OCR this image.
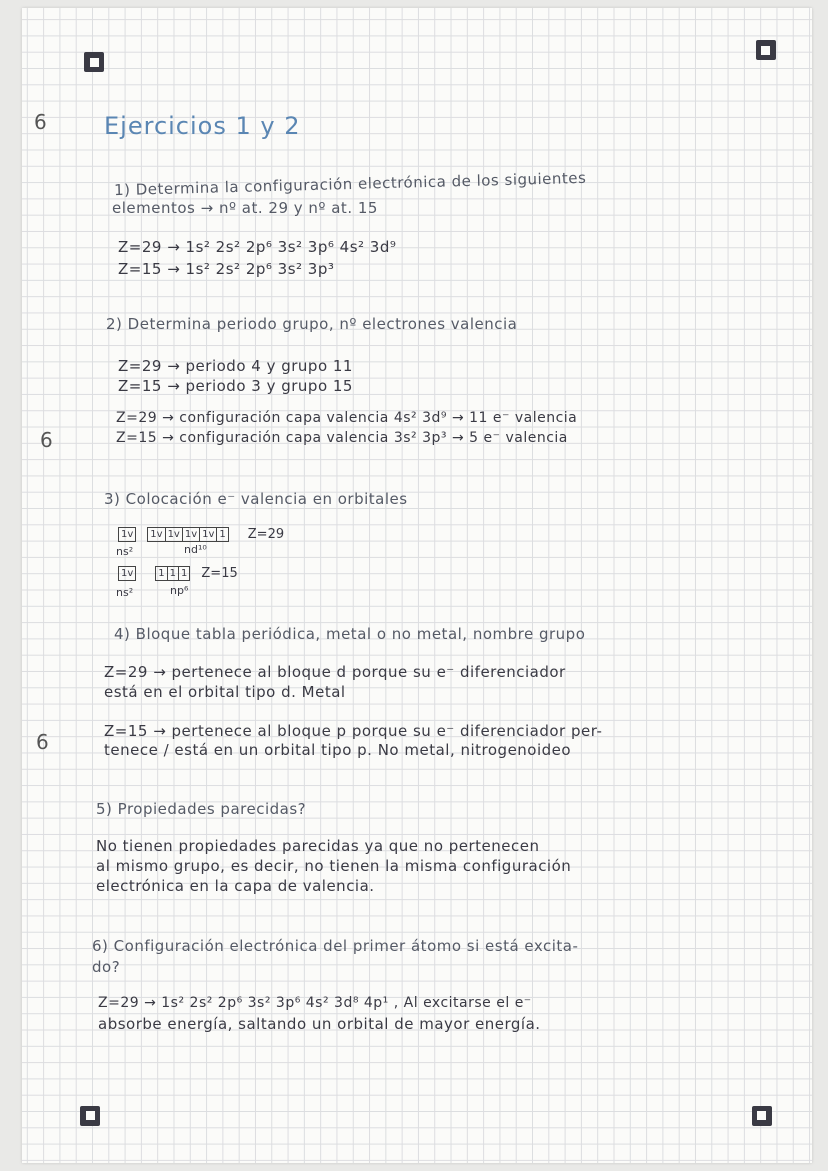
6
6
6
Ejercicios 1 y 2
1) Determina la configuración electrónica de los siguientes
elementos → nº at. 29 y nº at. 15
Z=29 → 1s² 2s² 2p⁶ 3s² 3p⁶ 4s² 3d⁹
Z=15 → 1s² 2s² 2p⁶ 3s² 3p³
2) Determina periodo grupo, nº electrones valencia
Z=29 → periodo 4 y grupo 11
Z=15 → periodo 3 y grupo 15
Z=29 → configuración capa valencia 4s² 3d⁹ → 11 e⁻ valencia
Z=15 → configuración capa valencia 3s² 3p³ → 5 e⁻ valencia
3) Colocación e⁻ valencia en orbitales
1v	1v 1v 1v 1v 1 Z=29
ns²	nd¹⁰
1v	1 1 1 Z=15
ns²	np⁶
4) Bloque tabla periódica, metal o no metal, nombre grupo
Z=29 → pertenece al bloque d porque su e⁻ diferenciador
está en el orbital tipo d. Metal
Z=15 → pertenece al bloque p porque su e⁻ diferenciador per-
tenece / está en un orbital tipo p. No metal, nitrogenoideo
5) Propiedades parecidas?
No tienen propiedades parecidas ya que no pertenecen
al mismo grupo, es decir, no tienen la misma configuración
electrónica en la capa de valencia.
6) Configuración electrónica del primer átomo si está excita-
do?
Z=29 → 1s² 2s² 2p⁶ 3s² 3p⁶ 4s² 3d⁸ 4p¹ , Al excitarse el e⁻
absorbe energía, saltando un orbital de mayor energía.
